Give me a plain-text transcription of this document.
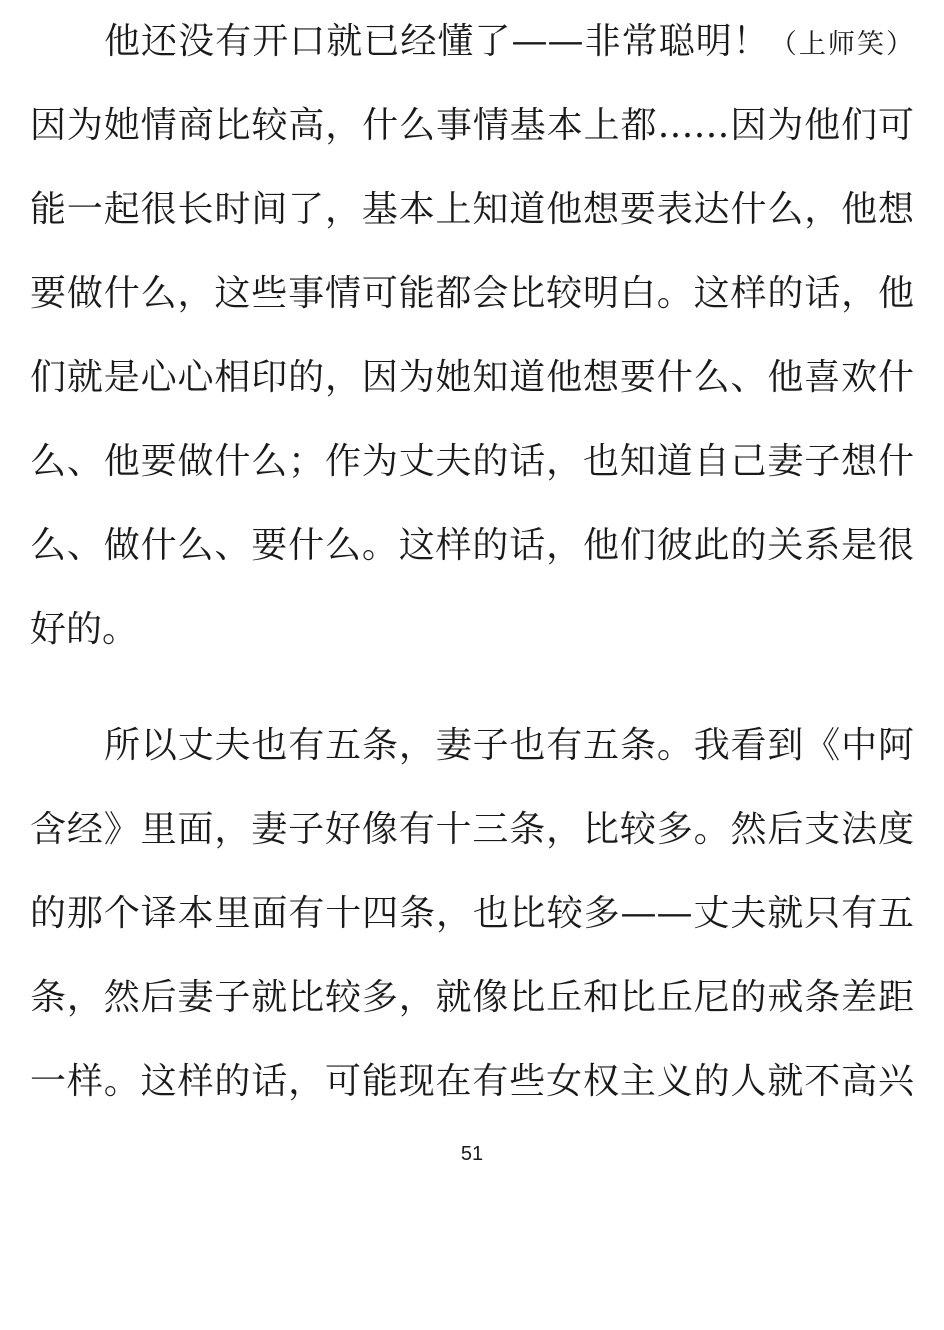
他还没有开口就已经懂了——非常聪明！（上师笑）
因为她情商比较高，什么事情基本上都……因为他们可
能一起很长时间了，基本上知道他想要表达什么，他想
要做什么，这些事情可能都会比较明白。这样的话，他
们就是心心相印的，因为她知道他想要什么、他喜欢什
么、他要做什么；作为丈夫的话，也知道自己妻子想什
么、做什么、要什么。这样的话，他们彼此的关系是很
好的。
所以丈夫也有五条，妻子也有五条。我看到《中阿
含经》里面，妻子好像有十三条，比较多。然后支法度
的那个译本里面有十四条，也比较多——丈夫就只有五
条，然后妻子就比较多，就像比丘和比丘尼的戒条差距
一样。这样的话，可能现在有些女权主义的人就不高兴
51
